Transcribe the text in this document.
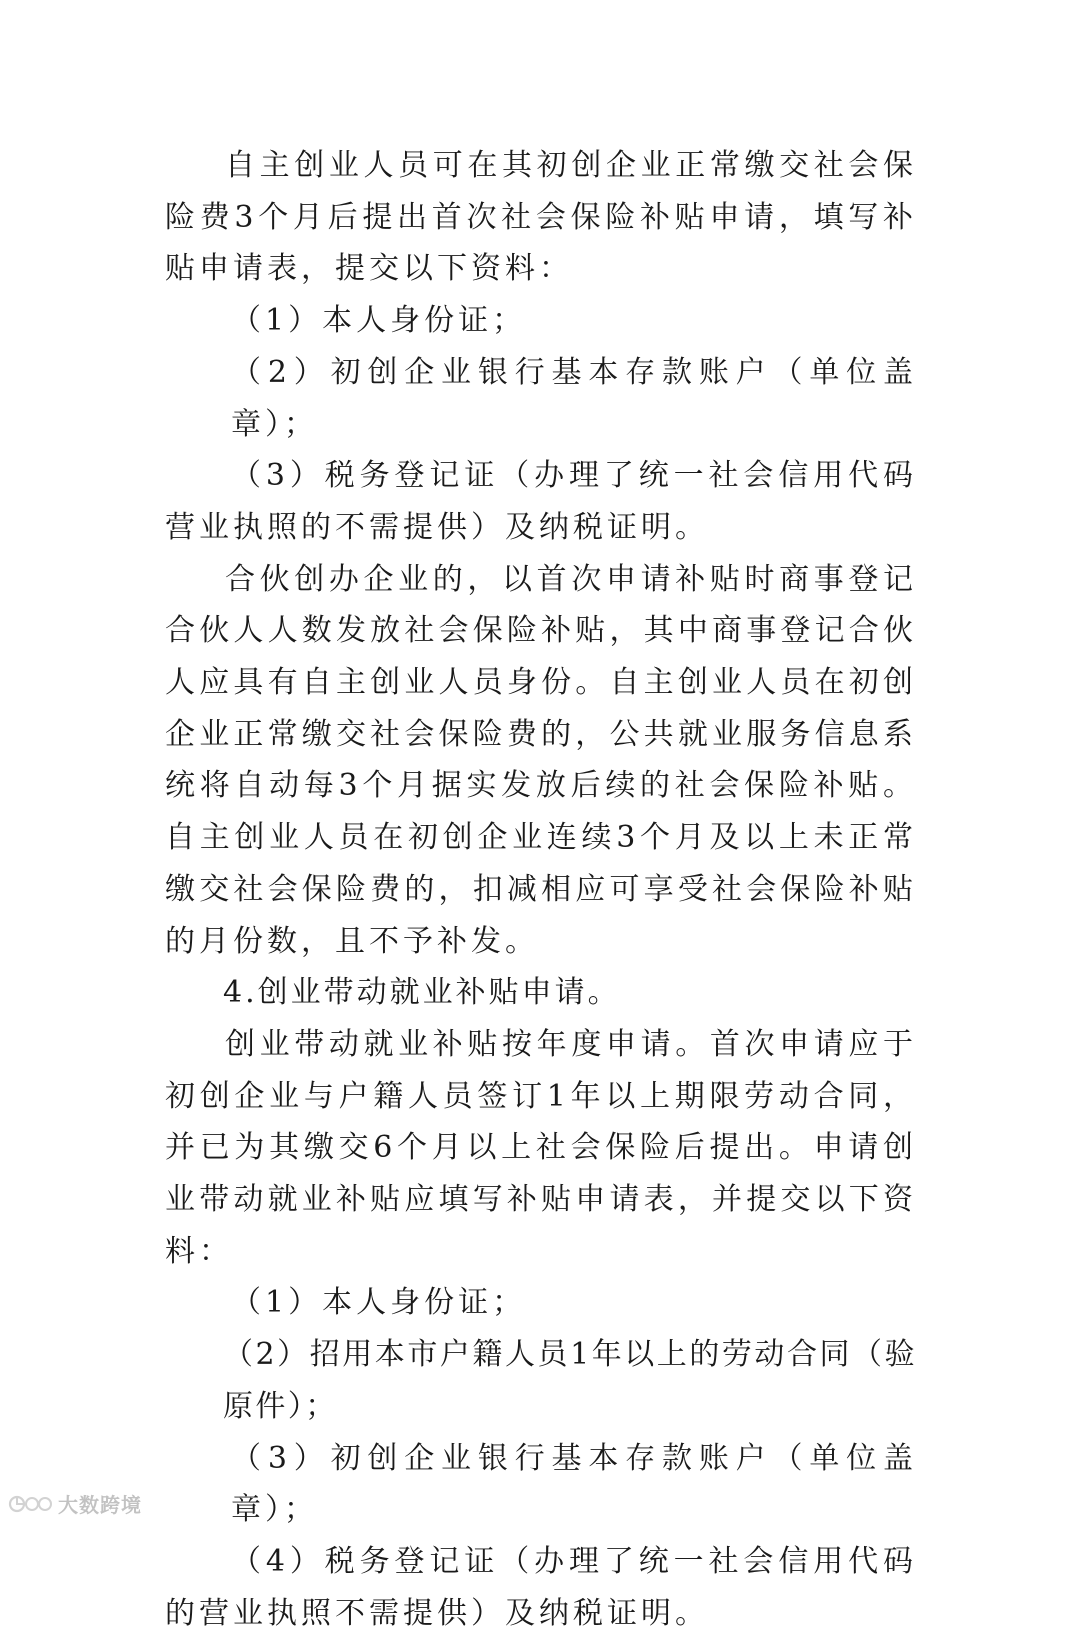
自主创业人员可在其初创企业正常缴交社会保险费3个月后提出首次社会保险补贴申请，填写补贴申请表，提交以下资料：

（1）本人身份证；

（2）初创企业银行基本存款账户（单位盖章）；

（3）税务登记证（办理了统一社会信用代码营业执照的不需提供）及纳税证明。

合伙创办企业的，以首次申请补贴时商事登记合伙人人数发放社会保险补贴，其中商事登记合伙人应具有自主创业人员身份。自主创业人员在初创企业正常缴交社会保险费的，公共就业服务信息系统将自动每3个月据实发放后续的社会保险补贴。自主创业人员在初创企业连续3个月及以上未正常缴交社会保险费的，扣减相应可享受社会保险补贴的月份数，且不予补发。

4.创业带动就业补贴申请。

创业带动就业补贴按年度申请。首次申请应于初创企业与户籍人员签订1年以上期限劳动合同，并已为其缴交6个月以上社会保险后提出。申请创业带动就业补贴应填写补贴申请表，并提交以下资料：

（1）本人身份证；

（2）招用本市户籍人员1年以上的劳动合同（验原件）；

（3）初创企业银行基本存款账户（单位盖章）；

（4）税务登记证（办理了统一社会信用代码的营业执照不需提供）及纳税证明。

大数跨境
